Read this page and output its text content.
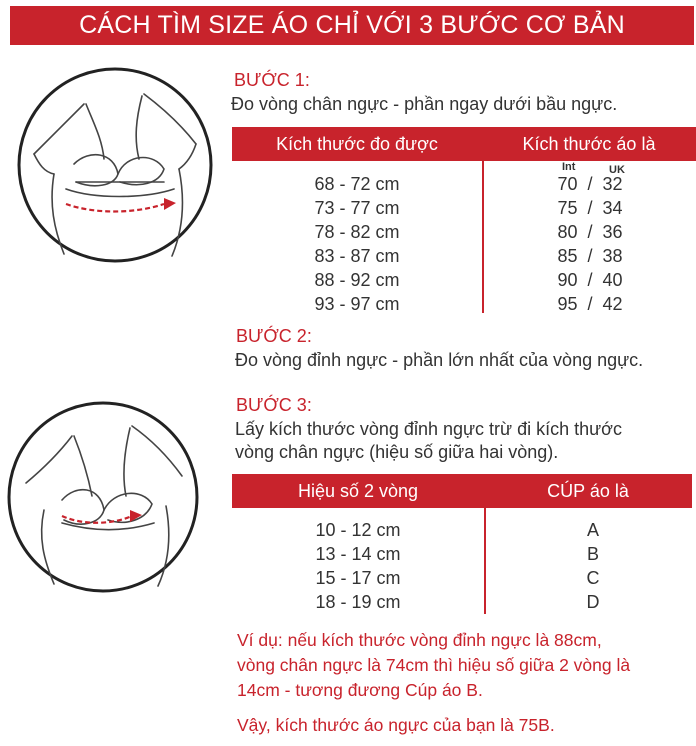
CÁCH TÌM SIZE ÁO CHỈ VỚI 3 BƯỚC CƠ BẢN
BƯỚC 1:
Đo vòng chân ngực - phần ngay dưới bầu ngực.
Kích thước đo được	Kích thước áo là
Int	UK
68 - 72 cm	70  /  32
73 - 77 cm	75  /  34
78 - 82 cm	80  /  36
83 - 87 cm	85  /  38
88 - 92 cm	90  /  40
93 - 97 cm	95  /  42
BƯỚC 2:
Đo vòng đỉnh ngực - phần lớn nhất của vòng ngực.
BƯỚC 3:
Lấy kích thước vòng đỉnh ngực trừ đi kích thước
vòng chân ngực (hiệu số giữa hai vòng).
Hiệu số 2 vòng	CÚP áo là
10 - 12 cm	A
13 - 14 cm	B
15 - 17 cm	C
18 - 19 cm	D
Ví dụ: nếu kích thước vòng đỉnh ngực là 88cm,
vòng chân ngực là 74cm thì hiệu số giữa 2 vòng là
14cm - tương đương Cúp áo B.
Vậy, kích thước áo ngực của bạn là 75B.
